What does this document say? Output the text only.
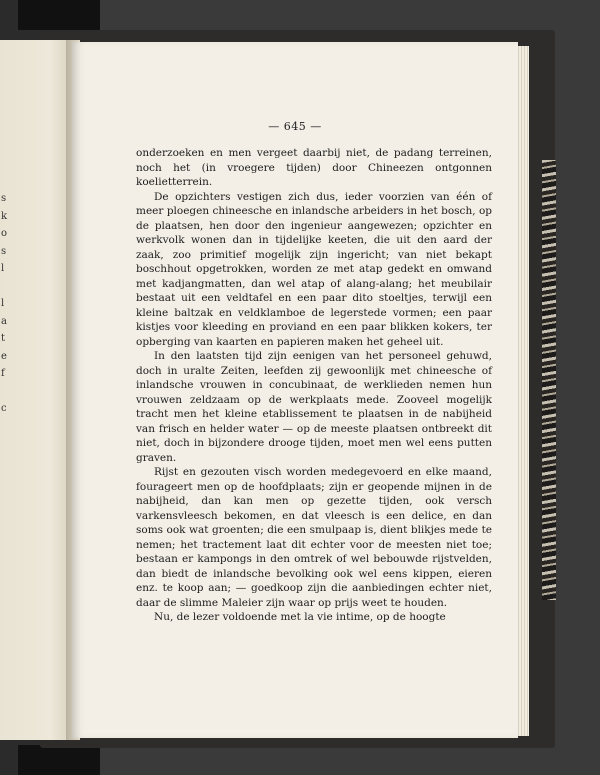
s
k
o
s
l

l
a
t
e
f

c
— 645 —

onderzoeken en men vergeet daarbij niet, de padang terreinen, noch het (in vroegere tijden) door Chineezen ontgonnen koelietterrein.

De opzichters vestigen zich dus, ieder voorzien van één of meer ploegen chineesche en inlandsche arbeiders in het bosch, op de plaatsen, hen door den ingenieur aangewezen; opzichter en werkvolk wonen dan in tijdelijke keeten, die uit den aard der zaak, zoo primitief mogelijk zijn ingericht; van niet bekapt boschhout opgetrokken, worden ze met atap gedekt en omwand met kadjangmatten, dan wel atap of alang-alang; het meubilair bestaat uit een veldtafel en een paar dito stoeltjes, terwijl een kleine baltzak en veldklamboe de legerstede vormen; een paar kistjes voor kleeding en proviand en een paar blikken kokers, ter opberging van kaarten en papieren maken het geheel uit.

In den laatsten tijd zijn eenigen van het personeel gehuwd, doch in uralte Zeiten, leefden zij gewoonlijk met chineesche of inlandsche vrouwen in concubinaat, de werklieden nemen hun vrouwen zeldzaam op de werkplaats mede. Zooveel mogelijk tracht men het kleine etablissement te plaatsen in de nabijheid van frisch en helder water — op de meeste plaatsen ontbreekt dit niet, doch in bijzondere drooge tijden, moet men wel eens putten graven.

Rijst en gezouten visch worden medegevoerd en elke maand, fourageert men op de hoofdplaats; zijn er geopende mijnen in de nabijheid, dan kan men op gezette tijden, ook versch varkensvleesch bekomen, en dat vleesch is een delice, en dan soms ook wat groenten; die een smulpaap is, dient blikjes mede te nemen; het tractement laat dit echter voor de meesten niet toe; bestaan er kampongs in den omtrek of wel bebouwde rijstvelden, dan biedt de inlandsche bevolking ook wel eens kippen, eieren enz. te koop aan; — goedkoop zijn die aanbiedingen echter niet, daar de slimme Maleier zijn waar op prijs weet te houden.

Nu, de lezer voldoende met la vie intime, op de hoogte
